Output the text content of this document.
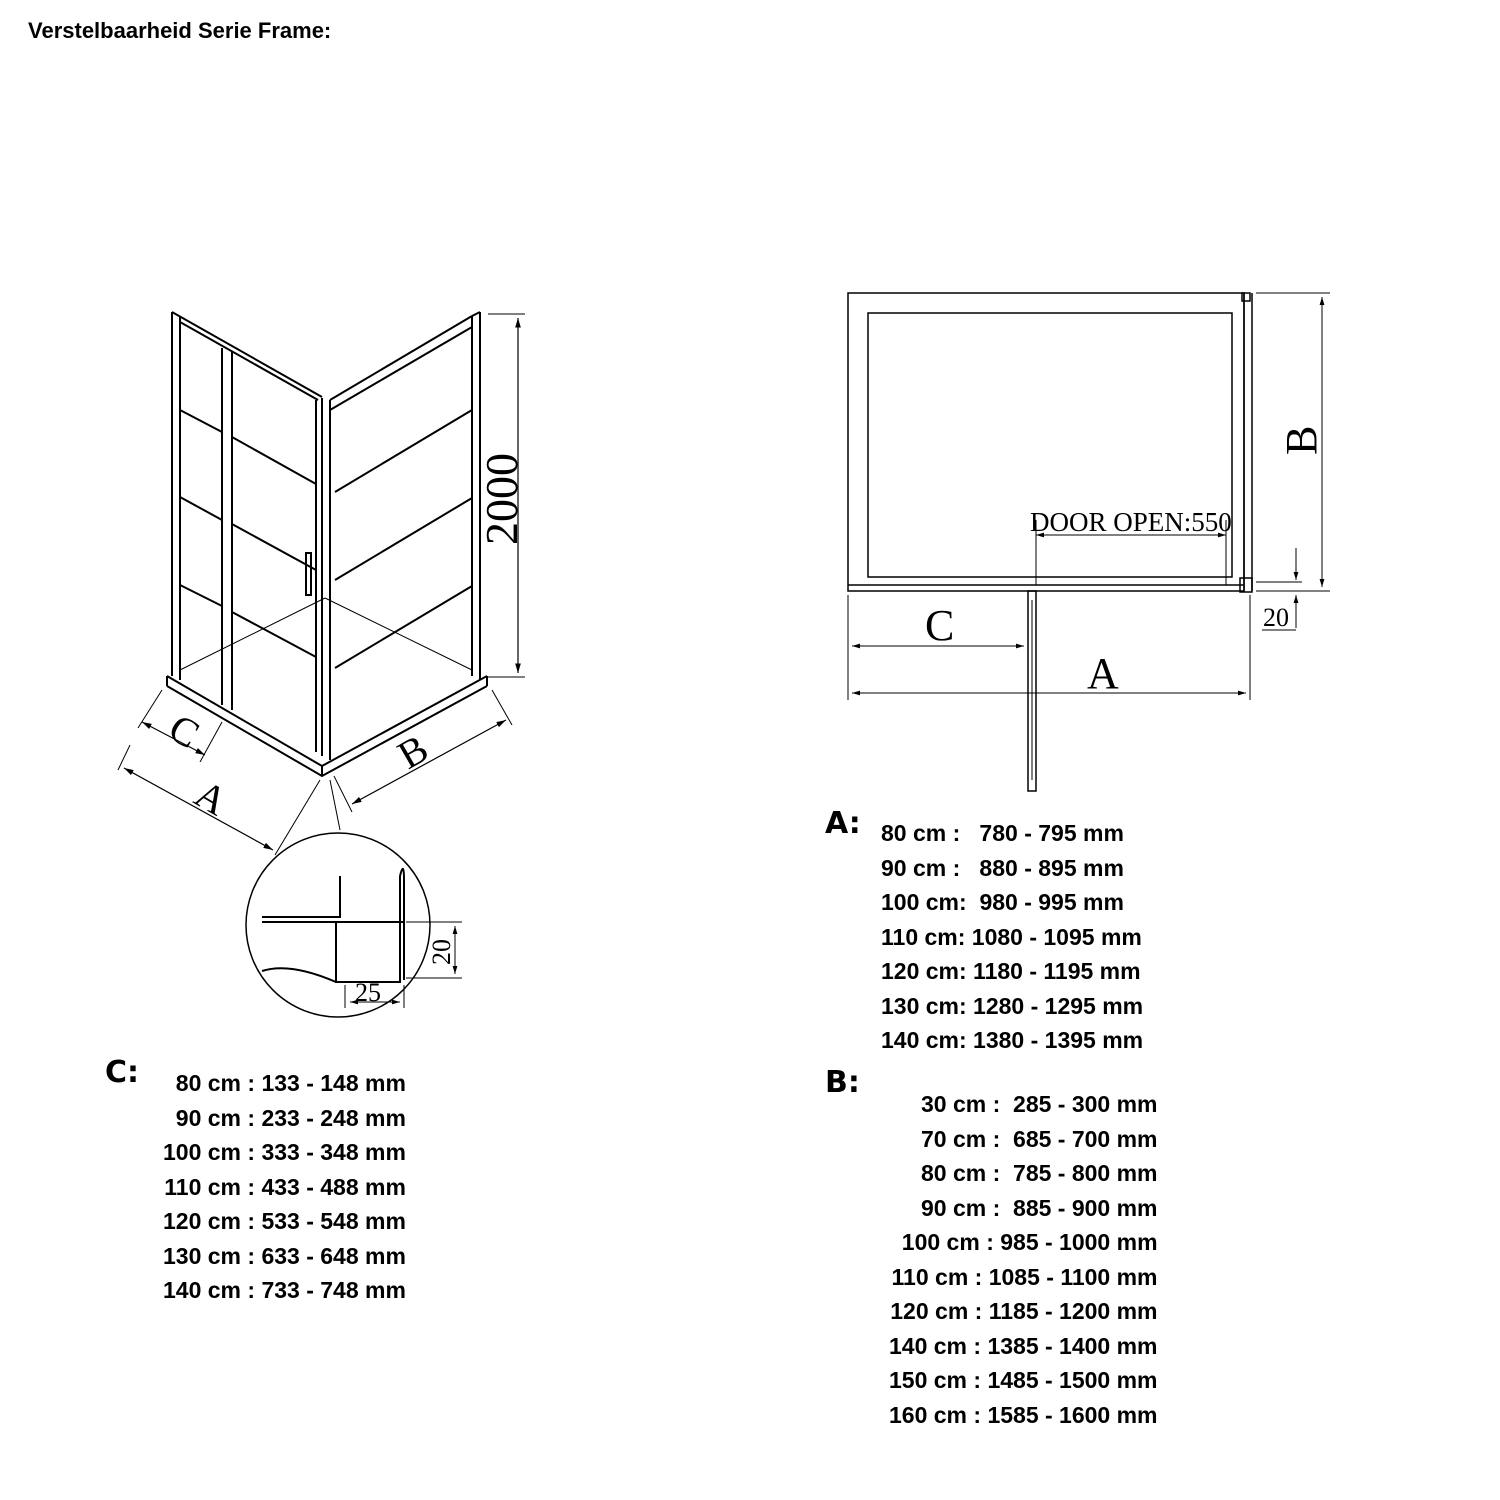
Verstelbaarheid Serie Frame:
2000
C
A
B
25
20
DOOR OPEN:550
B
C
A
20
C:	80 cm : 133 - 148 mm
90 cm : 233 - 248 mm
100 cm : 333 - 348 mm
110 cm : 433 - 488 mm
120 cm : 533 - 548 mm
130 cm : 633 - 648 mm
140 cm : 733 - 748 mm
A: 80 cm :   780 - 795 mm
90 cm :   880 - 895 mm
100 cm:  980 - 995 mm
110 cm: 1080 - 1095 mm
120 cm: 1180 - 1195 mm
130 cm: 1280 - 1295 mm
140 cm: 1380 - 1395 mm
B:
30 cm :  285 - 300 mm
70 cm :  685 - 700 mm
80 cm :  785 - 800 mm
90 cm :  885 - 900 mm
100 cm : 985 - 1000 mm
110 cm : 1085 - 1100 mm
120 cm : 1185 - 1200 mm
140 cm : 1385 - 1400 mm
150 cm : 1485 - 1500 mm
160 cm : 1585 - 1600 mm
